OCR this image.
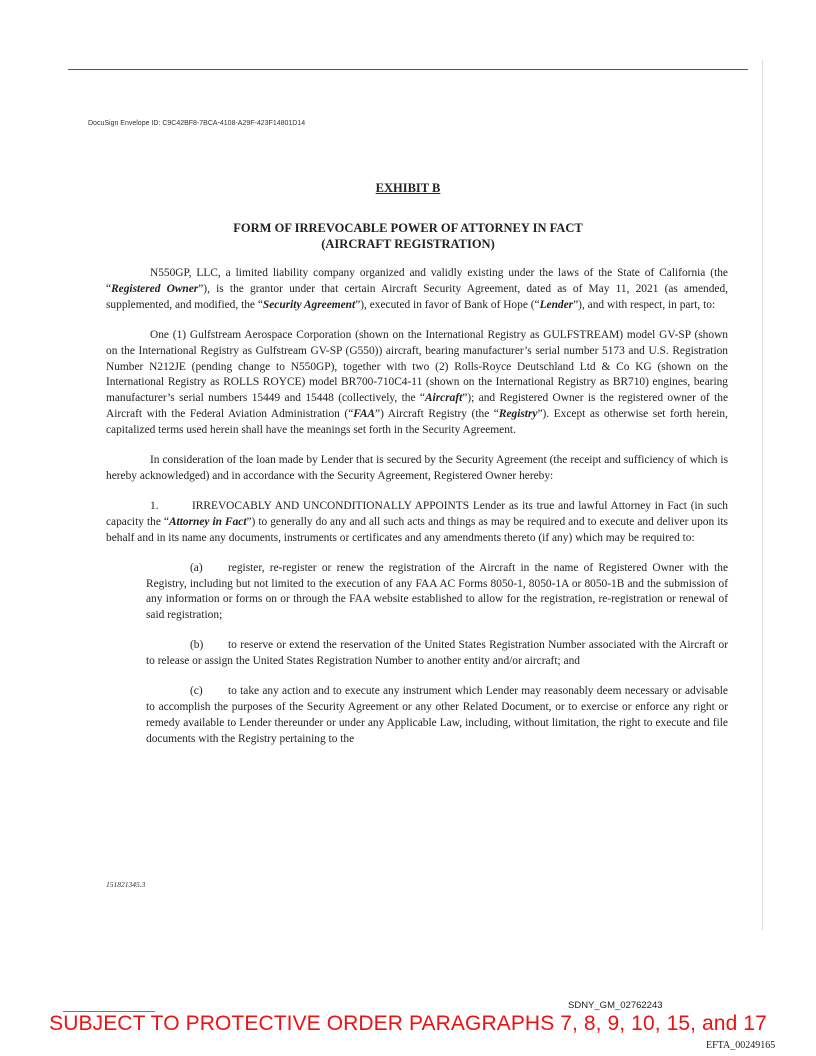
DocuSign Envelope ID: C9C42BF8-7BCA-4108-A29F-423F14801D14
EXHIBIT B
FORM OF IRREVOCABLE POWER OF ATTORNEY IN FACT
(AIRCRAFT REGISTRATION)

N550GP, LLC, a limited liability company organized and validly existing under the laws of the State of California (the “Registered Owner”), is the grantor under that certain Aircraft Security Agreement, dated as of May 11, 2021 (as amended, supplemented, and modified, the “Security Agreement”), executed in favor of Bank of Hope (“Lender”), and with respect, in part, to:

One (1) Gulfstream Aerospace Corporation (shown on the International Registry as GULFSTREAM) model GV-SP (shown on the International Registry as Gulfstream GV-SP (G550)) aircraft, bearing manufacturer’s serial number 5173 and U.S. Registration Number N212JE (pending change to N550GP), together with two (2) Rolls-Royce Deutschland Ltd & Co KG (shown on the International Registry as ROLLS ROYCE) model BR700-710C4-11 (shown on the International Registry as BR710) engines, bearing manufacturer’s serial numbers 15449 and 15448 (collectively, the “Aircraft”); and Registered Owner is the registered owner of the Aircraft with the Federal Aviation Administration (“FAA”) Aircraft Registry (the “Registry”). Except as otherwise set forth herein, capitalized terms used herein shall have the meanings set forth in the Security Agreement.

In consideration of the loan made by Lender that is secured by the Security Agreement (the receipt and sufficiency of which is hereby acknowledged) and in accordance with the Security Agreement, Registered Owner hereby:

1.	IRREVOCABLY AND UNCONDITIONALLY APPOINTS Lender as its true and lawful Attorney in Fact (in such capacity the “Attorney in Fact”) to generally do any and all such acts and things as may be required and to execute and deliver upon its behalf and in its name any documents, instruments or certificates and any amendments thereto (if any) which may be required to:

(a) register, re-register or renew the registration of the Aircraft in the name of Registered Owner with the Registry, including but not limited to the execution of any FAA AC Forms 8050-1, 8050-1A or 8050-1B and the submission of any information or forms on or through the FAA website established to allow for the registration, re-registration or renewal of said registration;

(b) to reserve or extend the reservation of the United States Registration Number associated with the Aircraft or to release or assign the United States Registration Number to another entity and/or aircraft; and

(c) to take any action and to execute any instrument which Lender may reasonably deem necessary or advisable to accomplish the purposes of the Security Agreement or any other Related Document, or to exercise or enforce any right or remedy available to Lender thereunder or under any Applicable Law, including, without limitation, the right to execute and file documents with the Registry pertaining to the

151821345.3
SDNY_GM_02762243
SUBJECT TO PROTECTIVE ORDER PARAGRAPHS 7, 8, 9, 10, 15, and 17
EFTA_00249165
